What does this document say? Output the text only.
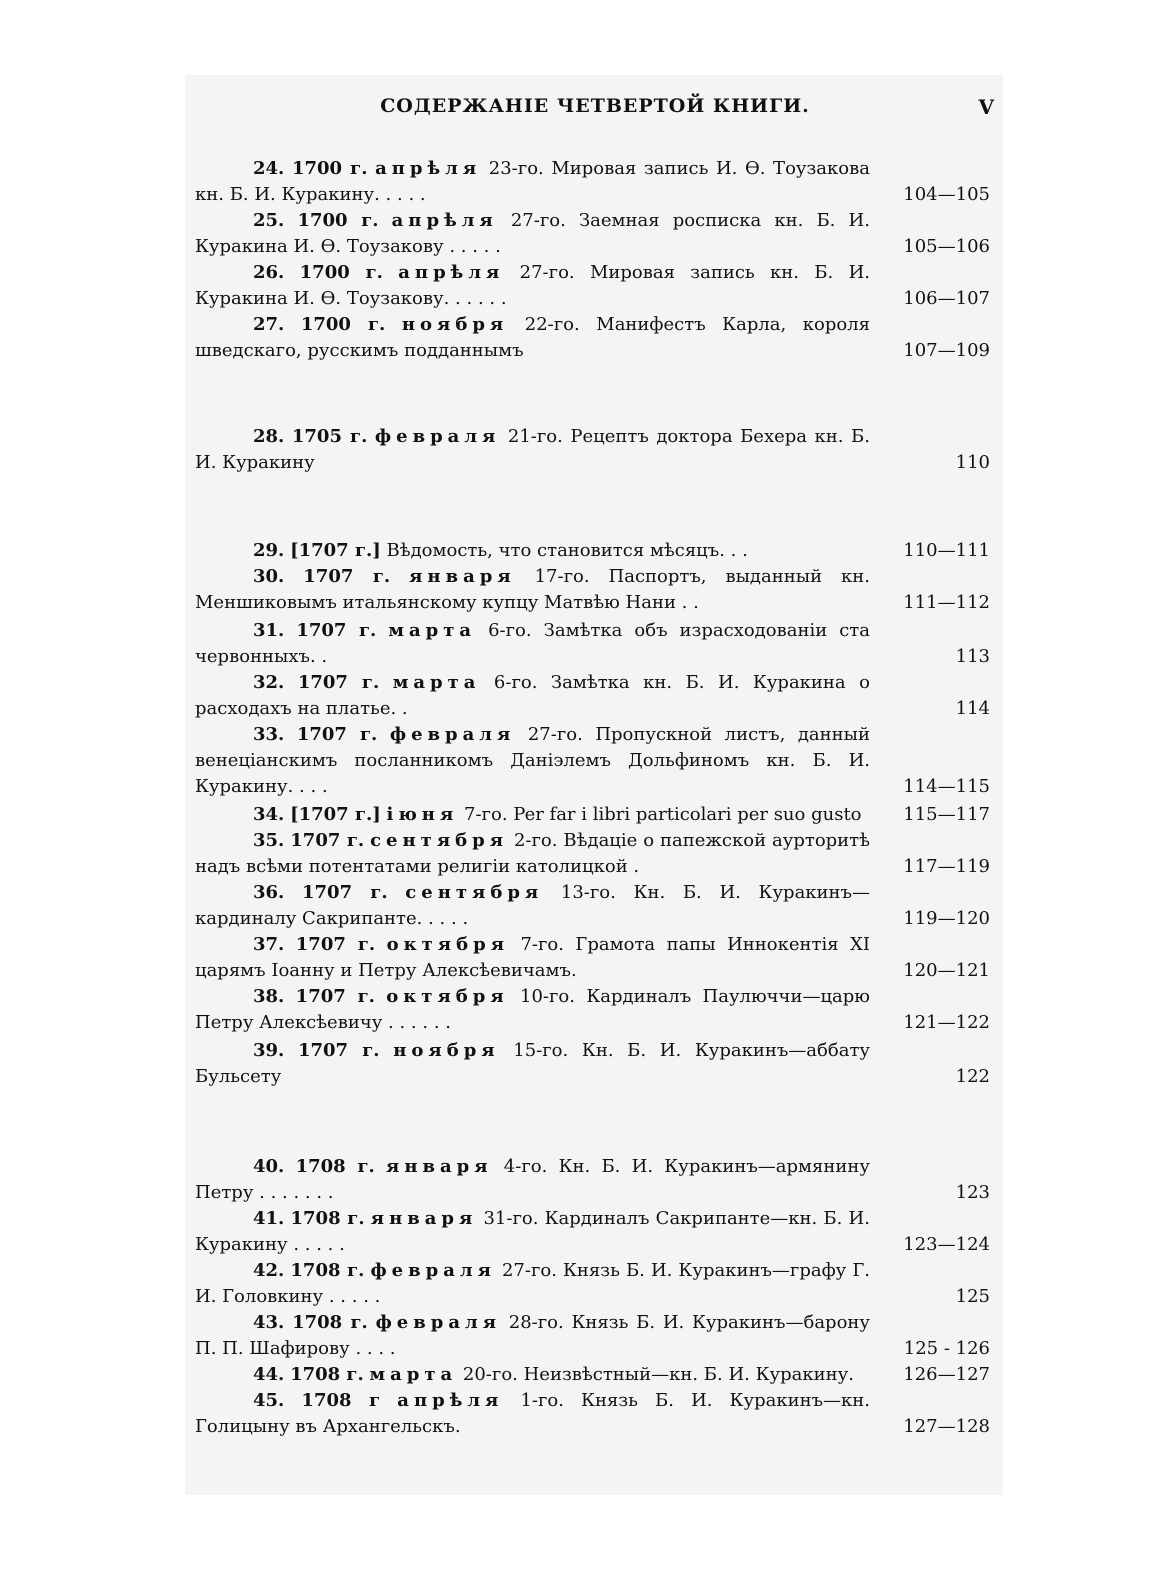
СОДЕРЖАНІЕ ЧЕТВЕРТОЙ КНИГИ.	V
24. 1700 г. апрѣля 23-го. Мировая запись И. Ѳ. Тоузакова кн. Б. И. Куракину. . . . .	104—105
25. 1700 г. апрѣля 27-го. Заемная росписка кн. Б. И. Куракина И. Ѳ. Тоузакову . . . . .	105—106
26. 1700 г. апрѣля 27-го. Мировая запись кн. Б. И. Куракина И. Ѳ. Тоузакову. . . . . .	106—107
27. 1700 г. ноября 22-го. Манифестъ Карла, короля шведскаго, русскимъ подданнымъ	107—109
28. 1705 г. февраля 21-го. Рецептъ доктора Бехера кн. Б. И. Куракину	110
29. [1707 г.] Вѣдомость, что становится мѣсяцъ. . .	110—111
30. 1707 г. января 17-го. Паспортъ, выданный кн. Меншиковымъ итальянскому купцу Матвѣю Нани . .	111—112
31. 1707 г. марта 6-го. Замѣтка объ израсходованіи ста червонныхъ. .	113
32. 1707 г. марта 6-го. Замѣтка кн. Б. И. Куракина о расходахъ на платье. .	114
33. 1707 г. февраля 27-го. Пропускной листъ, данный венеціанскимъ посланникомъ Даніэлемъ Дольфиномъ кн. Б. И. Куракину. . . .	114—115
34. [1707 г.] іюня 7-го. Per far i libri particolari per suo gusto	115—117
35. 1707 г. сентября 2-го. Вѣдаціе о папежской аурторитѣ надъ всѣми потентатами религіи католицкой .	117—119
36. 1707 г. сентября 13-го. Кн. Б. И. Куракинъ—кардиналу Сакрипанте. . . . .	119—120
37. 1707 г. октября 7-го. Грамота папы Иннокентія XI царямъ Іоанну и Петру Алексѣевичамъ.	120—121
38. 1707 г. октября 10-го. Кардиналъ Паулюччи—царю Петру Алексѣевичу . . . . . .	121—122
39. 1707 г. ноября 15-го. Кн. Б. И. Куракинъ—аббату Бульсету	122
40. 1708 г. января 4-го. Кн. Б. И. Куракинъ—армянину Петру . . . . . . .	123
41. 1708 г. января 31-го. Кардиналъ Сакрипанте—кн. Б. И. Куракину . . . . .	123—124
42. 1708 г. февраля 27-го. Князь Б. И. Куракинъ—графу Г. И. Головкину . . . . .	125
43. 1708 г. февраля 28-го. Князь Б. И. Куракинъ—барону П. П. Шафирову . . . .	125 - 126
44. 1708 г. марта 20-го. Неизвѣстный—кн. Б. И. Куракину.	126—127
45. 1708 г апрѣля 1-го. Князь Б. И. Куракинъ—кн. Голицыну въ Архангельскъ.	127—128
